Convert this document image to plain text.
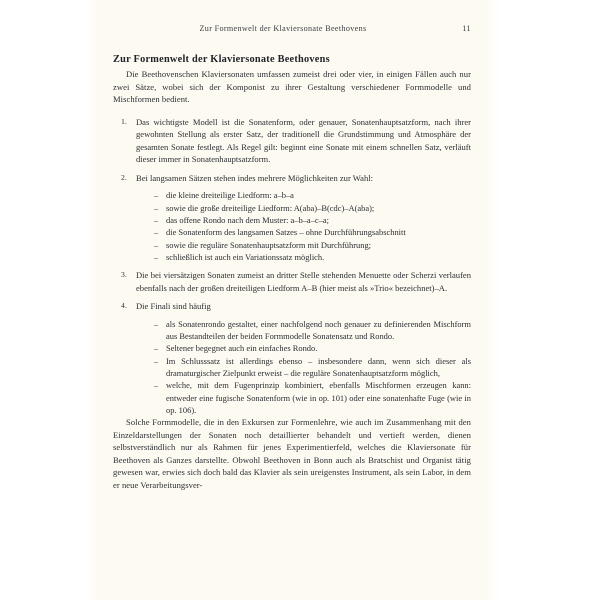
Zur Formenwelt der Klaviersonate Beethovens	11
Zur Formenwelt der Klaviersonate Beethovens

Die Beethovenschen Klaviersonaten umfassen zumeist drei oder vier, in einigen Fällen auch nur zwei Sätze, wobei sich der Komponist zu ihrer Gestaltung verschiedener Formmodelle und Mischformen bedient.

1.	Das wichtigste Modell ist die Sonatenform, oder genauer, Sonatenhauptsatzform, nach ihrer gewohnten Stellung als erster Satz, der traditionell die Grundstimmung und Atmosphäre der gesamten Sonate festlegt. Als Regel gilt: beginnt eine Sonate mit einem schnellen Satz, verläuft dieser immer in Sonatenhauptsatzform.
2.	Bei langsamen Sätzen stehen indes mehrere Möglichkeiten zur Wahl:
– die kleine dreiteilige Liedform: a–b–a
– sowie die große dreiteilige Liedform: A(aba)–B(cdc)–A(aba);
– das offene Rondo nach dem Muster: a–b–a–c–a;
– die Sonatenform des langsamen Satzes – ohne Durchführungsabschnitt
– sowie die reguläre Sonatenhauptsatzform mit Durchführung;
– schließlich ist auch ein Variationssatz möglich.
3.	Die bei viersätzigen Sonaten zumeist an dritter Stelle stehenden Menuette oder Scherzi verlaufen ebenfalls nach der großen dreiteiligen Liedform A–B (hier meist als »Trio« bezeichnet)–A.
4.	Die Finali sind häufig
– als Sonatenrondo gestaltet, einer nachfolgend noch genauer zu definierenden Mischform aus Bestandteilen der beiden Formmodelle Sonatensatz und Rondo.
– Seltener begegnet auch ein einfaches Rondo.
– Im Schlusssatz ist allerdings ebenso – insbesondere dann, wenn sich dieser als dramaturgischer Zielpunkt erweist – die reguläre Sonatenhauptsatzform möglich,
– welche, mit dem Fugenprinzip kombiniert, ebenfalls Mischformen erzeugen kann: entweder eine fugische Sonatenform (wie in op. 101) oder eine sonatenhafte Fuge (wie in op. 106).

Solche Formmodelle, die in den Exkursen zur Formenlehre, wie auch im Zusammenhang mit den Einzeldarstellungen der Sonaten noch detaillierter behandelt und vertieft werden, dienen selbstverständlich nur als Rahmen für jenes Experimentierfeld, welches die Klaviersonate für Beethoven als Ganzes darstellte. Obwohl Beethoven in Bonn auch als Bratschist und Organist tätig gewesen war, erwies sich doch bald das Klavier als sein ureigenstes Instrument, als sein Labor, in dem er neue Verarbeitungsver-
